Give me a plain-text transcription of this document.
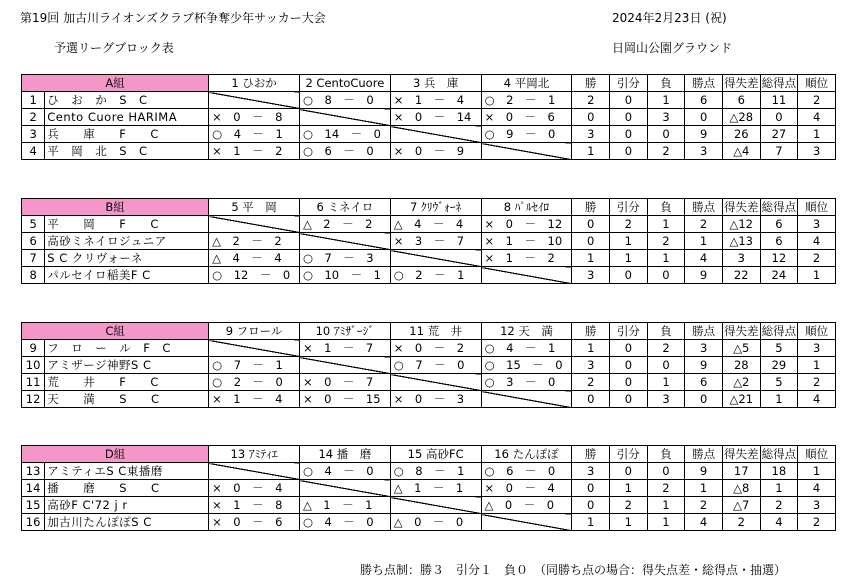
第19回 加古川ライオンズクラブ杯争奪少年サッカー大会
予選リーグブロック表
2024年2月23日 (祝)
日岡山公園グラウンド
A組		1 ひおか	2 CentoCuore	3 兵　庫	4 平岡北	勝	引分	負	勝点	得失差	総得点	順位
1	ひ　お　か　S　C		○　8　－　0	×　1　－　4	○　2　－　1	2	0	1	6	6	11	2
2	Cento Cuore HARIMA	×　0　－　8		×　0　－　14	×　0　－　6	0	0	3	0	△28	0	4
3	兵　　庫　　F　　C	○　4　－　1	○　14　－　0		○　9　－　0	3	0	0	9	26	27	1
4	平　岡　北　S　C	×　1　－　2	○　6　－　0	×　0　－　9		1	0	2	3	△4	7	3
B組		5 平　岡	6 ミネイロ	7 ｸﾘｳﾞｫｰﾈ	8 ﾊﾟﾙｾｲﾛ	勝	引分	負	勝点	得失差	総得点	順位
5	平　　岡　　F　　C		△　2　－　2	△　4　－　4	×　0　－　12	0	2	1	2	△12	6	3
6	高砂ミネイロジュニア	△　2　－　2		×　3　－　7	×　1　－　10	0	1	2	1	△13	6	4
7	S C クリヴォーネ	△　4　－　4	○　7　－　3		×　1　－　2	1	1	1	4	3	12	2
8	パルセイロ稲美F C	○　12　－　0	○　10　－　1	○　2　－　1		3	0	0	9	22	24	1
C組		9 フロール	10 ｱﾐｻﾞｰｼﾞ	11 荒　井	12 天　満	勝	引分	負	勝点	得失差	総得点	順位
9	フ　ロ　ー　ル　F　C		×　1　－　7	×　0　－　2	○　4　－　1	1	0	2	3	△5	5	3
10	アミザージ神野S C	○　7　－　1		○　7　－　0	○　15　－　0	3	0	0	9	28	29	1
11	荒　　井　　F　　C	○　2　－　0	×　0　－　7		○　3　－　0	2	0	1	6	△2	5	2
12	天　　満　　S　　C	×　1　－　4	×　0　－　15	×　0　－　3		0	0	3	0	△21	1	4
D組		13 ｱﾐﾃｨｴ	14 播　磨	15 高砂FC	16 たんぽぽ	勝	引分	負	勝点	得失差	総得点	順位
13	アミティエS C東播磨		○　4　－　0	○　8　－　1	○　6　－　0	3	0	0	9	17	18	1
14	播　　磨　　S　　C	×　0　－　4		△　1　－　1	×　0　－　4	0	1	2	1	△8	1	4
15	高砂F C'72 j r	×　1　－　8	△　1　－　1		△　0　－　0	0	2	1	2	△7	2	3
16	加古川たんぽぽS C	×　0　－　6	○　4　－　0	△　0　－　0		1	1	1	4	2	4	2
勝ち点制：勝３　引分１　負０　（同勝ち点の場合：得失点差・総得点・抽選）
